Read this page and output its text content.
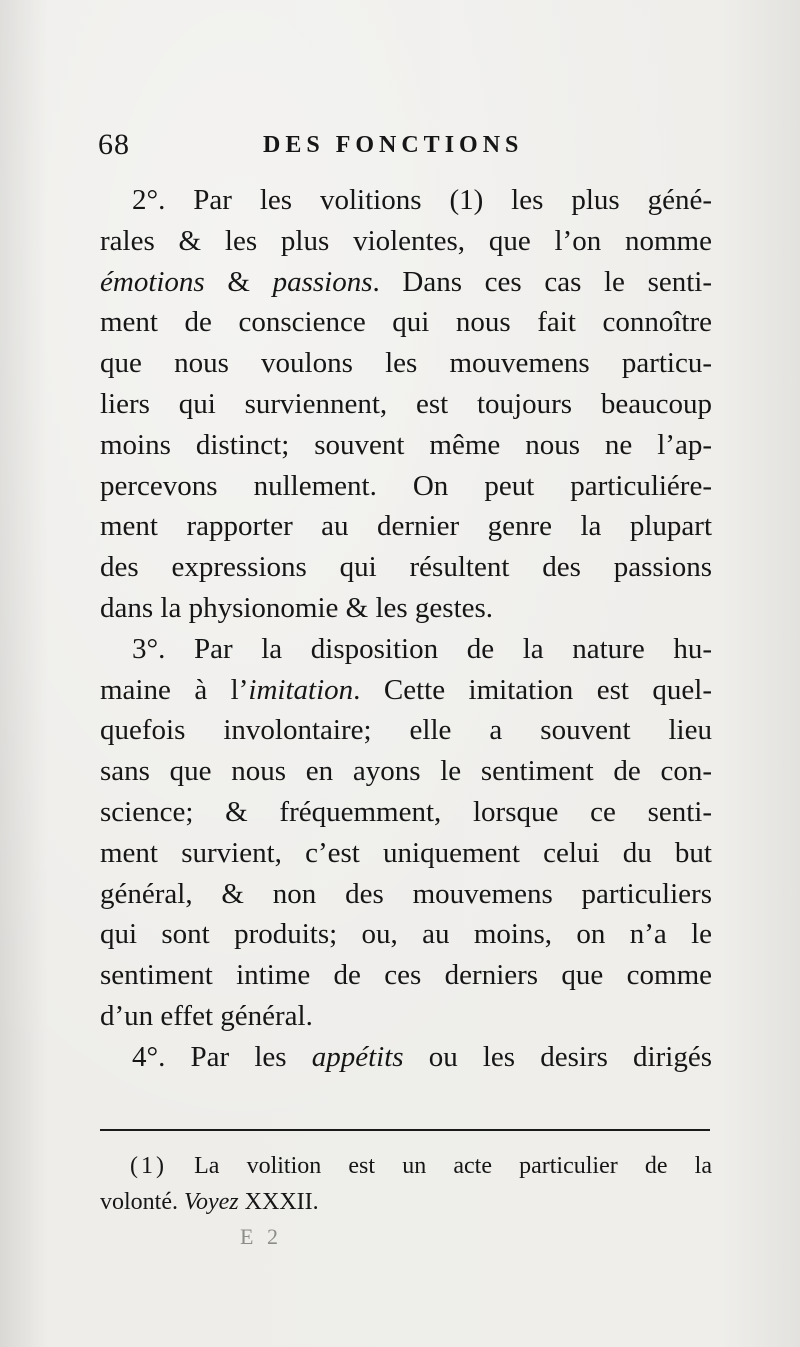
68	DES FONCTIONS
2°. Par les volitions (1) les plus géné-
rales & les plus violentes, que l’on nomme
émotions & passions. Dans ces cas le senti-
ment de conscience qui nous fait connoître
que nous voulons les mouvemens particu-
liers qui surviennent, est toujours beaucoup
moins distinct; souvent même nous ne l’ap-
percevons nullement. On peut particuliére-
ment rapporter au dernier genre la plupart
des expressions qui résultent des passions
dans la physionomie & les gestes.
3°. Par la disposition de la nature hu-
maine à l’imitation. Cette imitation est quel-
quefois involontaire; elle a souvent lieu
sans que nous en ayons le sentiment de con-
science; & fréquemment, lorsque ce senti-
ment survient, c’est uniquement celui du but
général, & non des mouvemens particuliers
qui sont produits; ou, au moins, on n’a le
sentiment intime de ces derniers que comme
d’un effet général.
4°. Par les appétits ou les desirs dirigés
(1) La volition est un acte particulier de la
volonté. Voyez XXXII.
E 2
